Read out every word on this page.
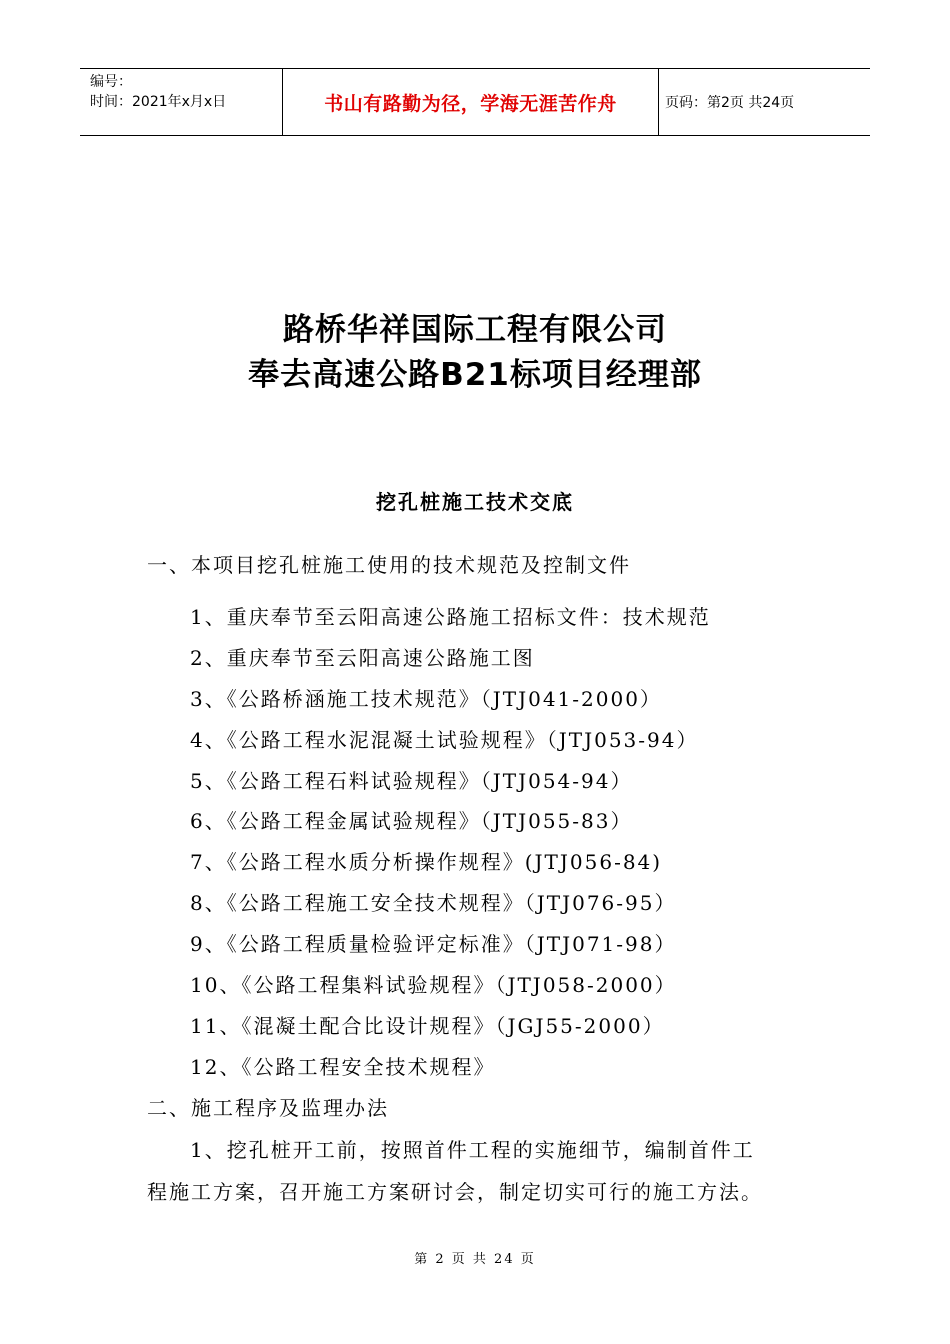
编号：
时间：2021年x月x日	书山有路勤为径，学海无涯苦作舟	页码：第2页 共24页
路桥华祥国际工程有限公司
奉去高速公路B21标项目经理部
挖孔桩施工技术交底
一、本项目挖孔桩施工使用的技术规范及控制文件
1、重庆奉节至云阳高速公路施工招标文件：技术规范
2、重庆奉节至云阳高速公路施工图
3、《公路桥涵施工技术规范》（JTJ041-2000）
4、《公路工程水泥混凝土试验规程》（JTJ053-94）
5、《公路工程石料试验规程》（JTJ054-94）
6、《公路工程金属试验规程》（JTJ055-83）
7、《公路工程水质分析操作规程》(JTJ056-84)
8、《公路工程施工安全技术规程》（JTJ076-95）
9、《公路工程质量检验评定标准》（JTJ071-98）
10、《公路工程集料试验规程》（JTJ058-2000）
11、《混凝土配合比设计规程》（JGJ55-2000）
12、《公路工程安全技术规程》
二、施工程序及监理办法
1、挖孔桩开工前，按照首件工程的实施细节，编制首件工
程施工方案，召开施工方案研讨会，制定切实可行的施工方法。
第 2 页 共 24 页
